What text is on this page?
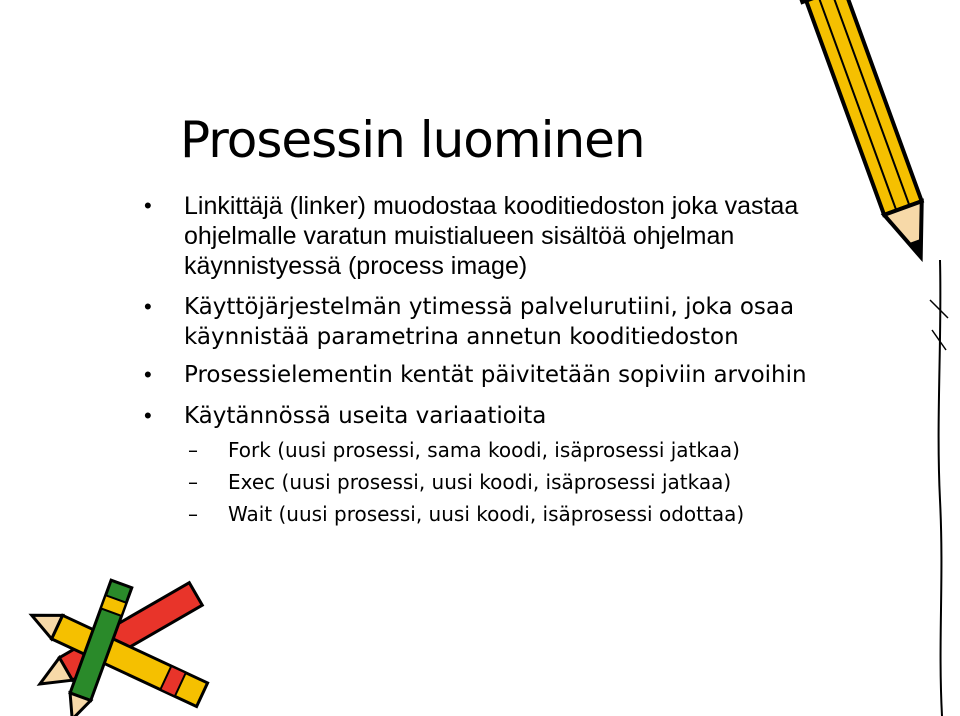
Prosessin luominen
• Linkittäjä (linker) muodostaa kooditiedoston joka vastaa ohjelmalle varatun muistialueen sisältöä ohjelman käynnistyessä (process image)
• Käyttöjärjestelmän ytimessä palvelurutiini, joka osaa käynnistää parametrina annetun kooditiedoston
• Prosessielementin kentät päivitetään sopiviin arvoihin
• Käytännössä useita variaatioita
– Fork (uusi prosessi, sama koodi, isäprosessi jatkaa)
– Exec (uusi prosessi, uusi koodi, isäprosessi jatkaa)
– Wait (uusi prosessi, uusi koodi, isäprosessi odottaa)
